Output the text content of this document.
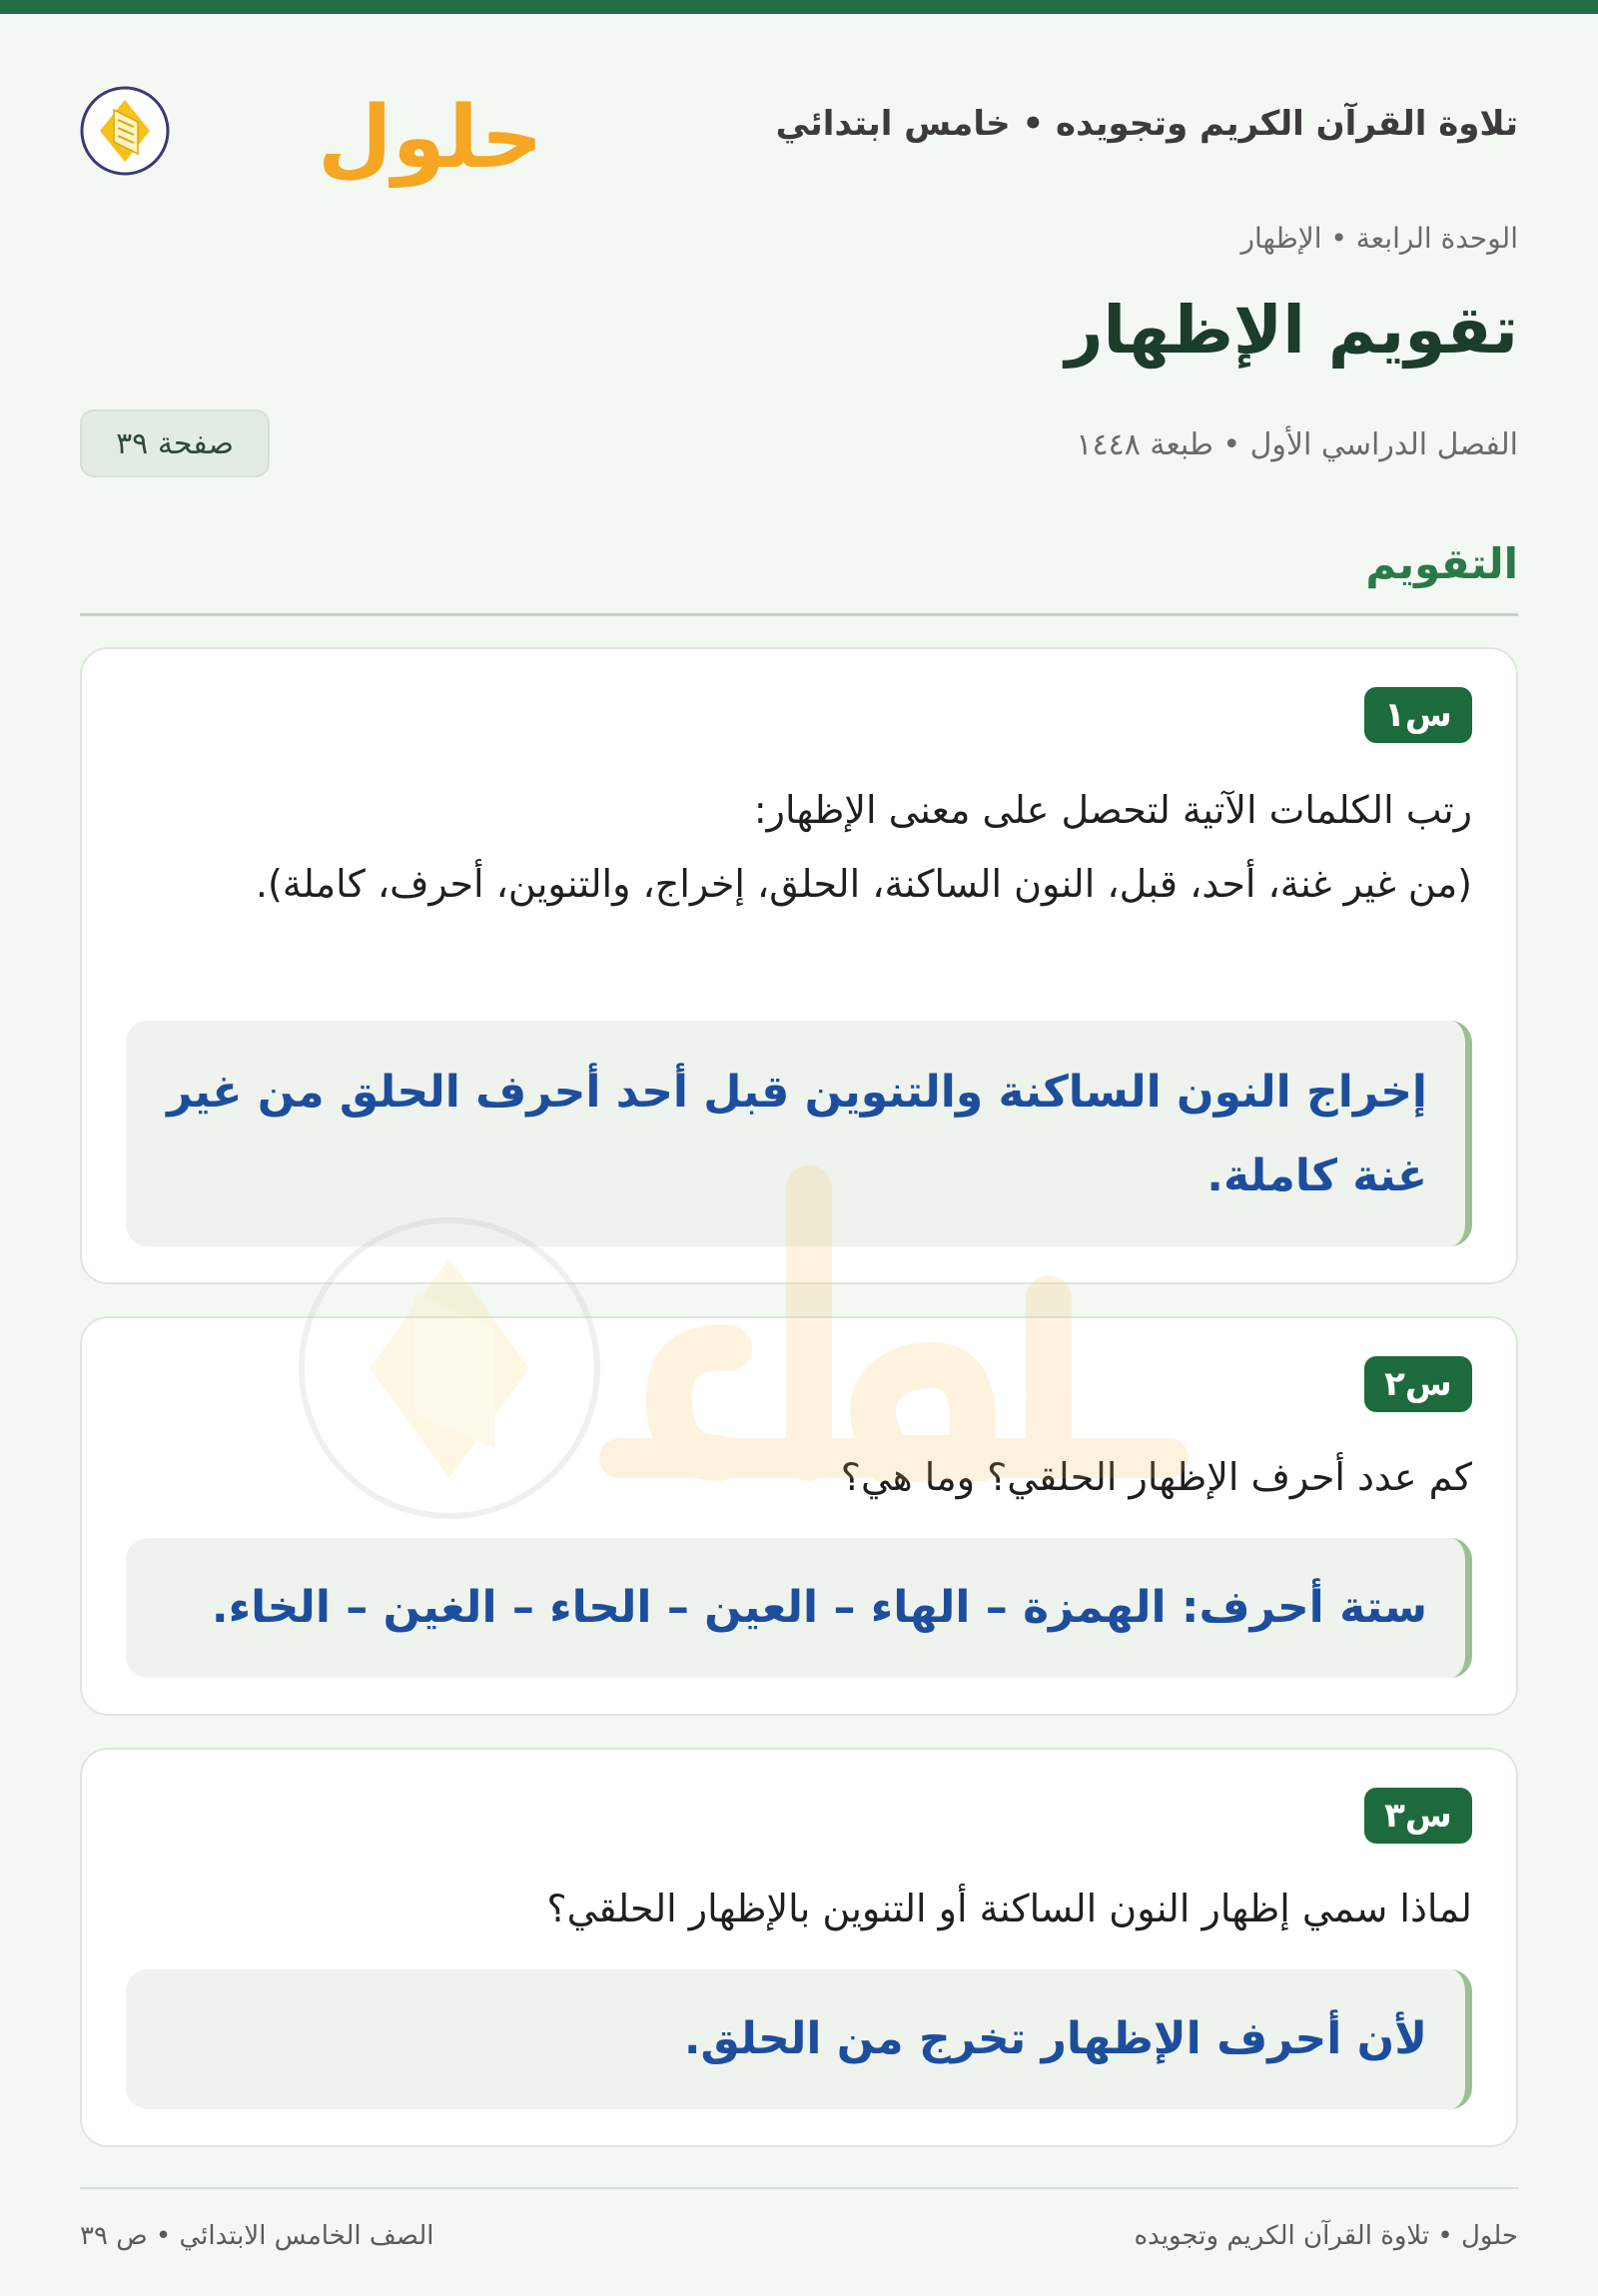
تلاوة القرآن الكريم وتجويده • خامس ابتدائي
حلول
الوحدة الرابعة • الإظهار
تقويم الإظهار
الفصل الدراسي الأول • طبعة ١٤٤٨
صفحة ٣٩
التقويم
س١
رتب الكلمات الآتية لتحصل على معنى الإظهار:
(من غير غنة، أحد، قبل، النون الساكنة، الحلق، إخراج، والتنوين، أحرف، كاملة).
إخراج النون الساكنة والتنوين قبل أحد أحرف الحلق من غير غنة كاملة.
س٢
كم عدد أحرف الإظهار الحلقي؟ وما هي؟
ستة أحرف: الهمزة – الهاء – العين – الحاء – الغين – الخاء.
س٣
لماذا سمي إظهار النون الساكنة أو التنوين بالإظهار الحلقي؟
لأن أحرف الإظهار تخرج من الحلق.
حلول • تلاوة القرآن الكريم وتجويده
الصف الخامس الابتدائي • ص ٣٩
